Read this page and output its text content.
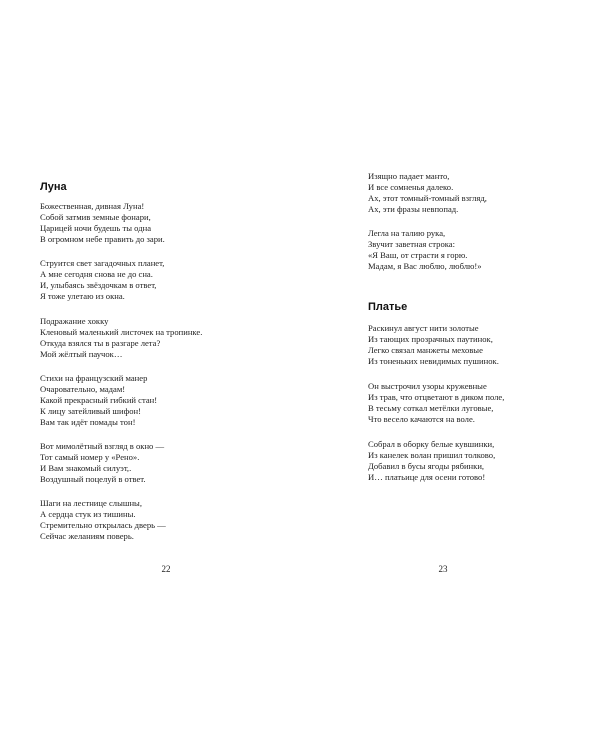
Луна
Божественная, дивная Луна!
Собой затмив земные фонари,
Царицей ночи будешь ты одна
В огромном небе править до зари.
Струится свет загадочных планет,
А мне сегодня снова не до сна.
И, улыбаясь звёздочкам в ответ,
Я тоже улетаю из окна.
Подражание хокку
Кленовый маленький листочек на тропинке.
Откуда взялся ты в разгаре лета?
Мой жёлтый паучок…
Стихи на французский манер
Очаровательно, мадам!
Какой прекрасный гибкий стан!
К лицу затейливый шифон!
Вам так идёт помады тон!
Вот мимолётный взгляд в окно —
Тот самый номер у «Рено».
И Вам знакомый силуэт,.
Воздушный поцелуй в ответ.
Шаги на лестнице слышны,
А сердца стук из тишины.
Стремительно открылась дверь —
Сейчас желаниям поверь.
22
Изящно падает манто,
И все сомненья далеко.
Ах, этот томный-томный взгляд,
Ах, эти фразы невпопад.
Легла на талию рука,
Звучит заветная строка:
«Я Ваш, от страсти я горю.
Мадам, я Вас люблю, люблю!»
Платье
Раскинул август нити золотые
Из тающих прозрачных паутинок,
Легко связал манжеты меховые
Из тоненьких невидимых пушинок.
Он выстрочил узоры кружевные
Из трав, что отцветают в диком поле,
В тесьму соткал метёлки луговые,
Что весело качаются на воле.
Собрал в оборку белые кувшинки,
Из канелек волан пришил толково,
Добавил в бусы ягоды рябинки,
И… платьице для осени готово!
23
